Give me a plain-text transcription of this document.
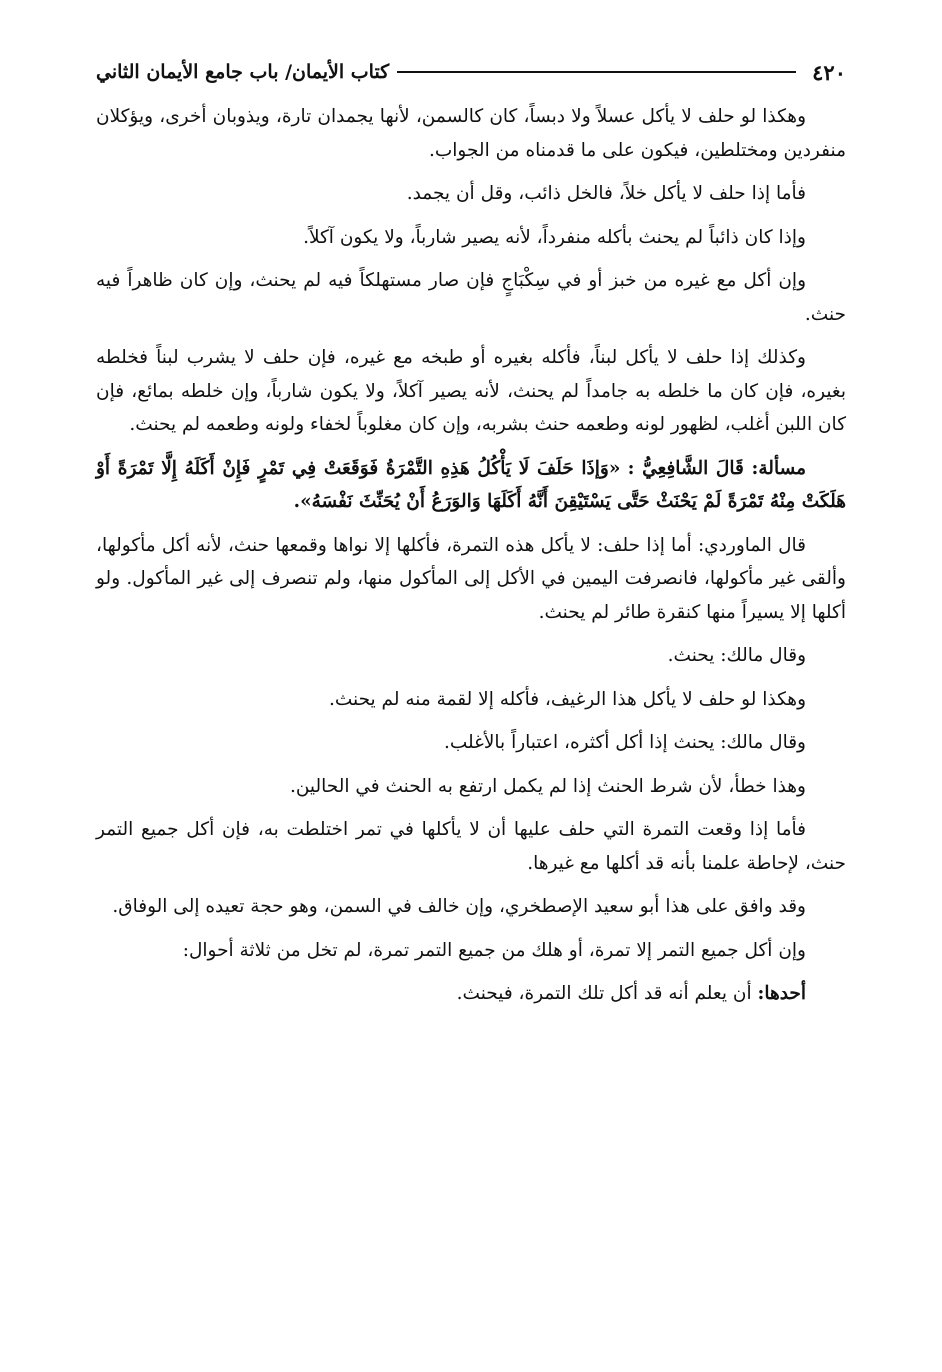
٤٢٠
كتاب الأيمان/ باب جامع الأيمان الثاني

وهكذا لو حلف لا يأكل عسلاً ولا دبساً، كان كالسمن، لأنها يجمدان تارة، ويذوبان أخرى، ويؤكلان منفردين ومختلطين، فيكون على ما قدمناه من الجواب.

فأما إذا حلف لا يأكل خلاً، فالخل ذائب، وقل أن يجمد.

وإذا كان ذائباً لم يحنث بأكله منفرداً، لأنه يصير شارباً، ولا يكون آكلاً.

وإن أكل مع غيره من خبز أو في سِكْبَاجٍ فإن صار مستهلكاً فيه لم يحنث، وإن كان ظاهراً فيه حنث.

وكذلك إذا حلف لا يأكل لبناً، فأكله بغيره أو طبخه مع غيره، فإن حلف لا يشرب لبناً فخلطه بغيره، فإن كان ما خلطه به جامداً لم يحنث، لأنه يصير آكلاً، ولا يكون شارباً، وإن خلطه بمائع، فإن كان اللبن أغلب، لظهور لونه وطعمه حنث بشربه، وإن كان مغلوباً لخفاء ولونه وطعمه لم يحنث.

مسألة: قَالَ الشَّافِعِيُّ : «وَإذَا حَلَفَ لَا يَأْكُلُ هَذِهِ التَّمْرَةُ فَوَقَعَتْ فِي تَمْرٍ فَإِنْ أَكَلَهُ إِلَّا تَمْرَةً أَوْ هَلَكَتْ مِنْهُ تَمْرَةً لَمْ يَحْنَثْ حَتَّى يَسْتَيْقِنَ أَنَّهُ أَكَلَهَا وَالوَرَعُ أَنْ يُحَنِّثَ نَفْسَهُ».

قال الماوردي: أما إذا حلف: لا يأكل هذه التمرة، فأكلها إلا نواها وقمعها حنث، لأنه أكل مأكولها، وألقى غير مأكولها، فانصرفت اليمين في الأكل إلى المأكول منها، ولم تنصرف إلى غير المأكول. ولو أكلها إلا يسيراً منها كنقرة طائر لم يحنث.

وقال مالك: يحنث.

وهكذا لو حلف لا يأكل هذا الرغيف، فأكله إلا لقمة منه لم يحنث.

وقال مالك: يحنث إذا أكل أكثره، اعتباراً بالأغلب.

وهذا خطأ، لأن شرط الحنث إذا لم يكمل ارتفع به الحنث في الحالين.

فأما إذا وقعت التمرة التي حلف عليها أن لا يأكلها في تمر اختلطت به، فإن أكل جميع التمر حنث، لإحاطة علمنا بأنه قد أكلها مع غيرها.

وقد وافق على هذا أبو سعيد الإصطخري، وإن خالف في السمن، وهو حجة تعيده إلى الوفاق.

وإن أكل جميع التمر إلا تمرة، أو هلك من جميع التمر تمرة، لم تخل من ثلاثة أحوال:

أحدها: أن يعلم أنه قد أكل تلك التمرة، فيحنث.
